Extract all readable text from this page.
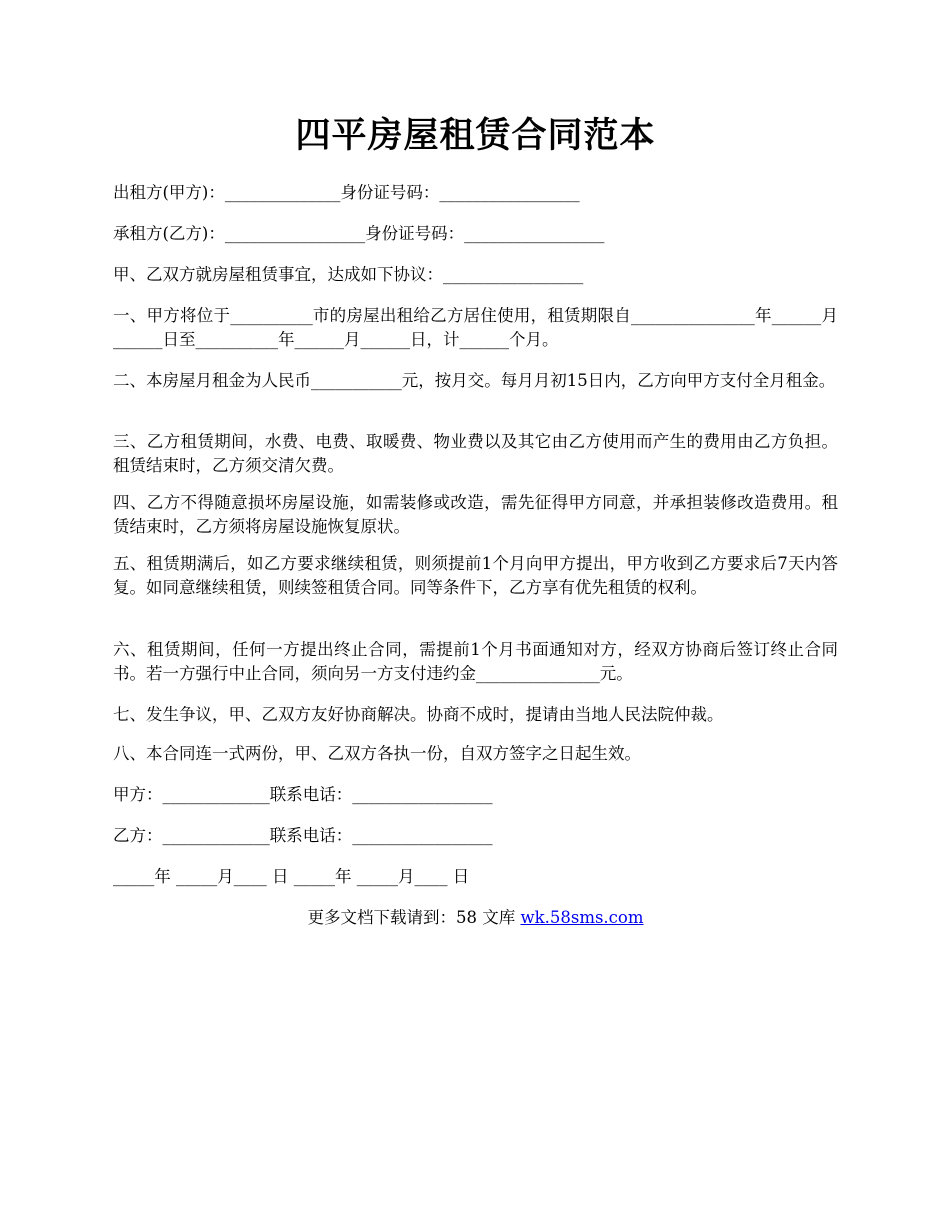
四平房屋租赁合同范本

出租方(甲方)：______________身份证号码：_________________

承租方(乙方)：_________________身份证号码：_________________

甲、乙双方就房屋租赁事宜，达成如下协议：_________________

一、甲方将位于__________市的房屋出租给乙方居住使用，租赁期限自_______________年______月______日至__________年______月______日，计______个月。

二、本房屋月租金为人民币___________元，按月交。每月月初15日内，乙方向甲方支付全月租金。

三、乙方租赁期间，水费、电费、取暖费、物业费以及其它由乙方使用而产生的费用由乙方负担。租赁结束时，乙方须交清欠费。

四、乙方不得随意损坏房屋设施，如需装修或改造，需先征得甲方同意，并承担装修改造费用。租赁结束时，乙方须将房屋设施恢复原状。

五、租赁期满后，如乙方要求继续租赁，则须提前1个月向甲方提出，甲方收到乙方要求后7天内答复。如同意继续租赁，则续签租赁合同。同等条件下，乙方享有优先租赁的权利。

六、租赁期间，任何一方提出终止合同，需提前1个月书面通知对方，经双方协商后签订终止合同书。若一方强行中止合同，须向另一方支付违约金_______________元。

七、发生争议，甲、乙双方友好协商解决。协商不成时，提请由当地人民法院仲裁。

八、本合同连一式两份，甲、乙双方各执一份，自双方签字之日起生效。

甲方：_____________联系电话：_________________

乙方：_____________联系电话：_________________

_____年 _____月____ 日 _____年 _____月____ 日

更多文档下载请到：58 文库 wk.58sms.com
